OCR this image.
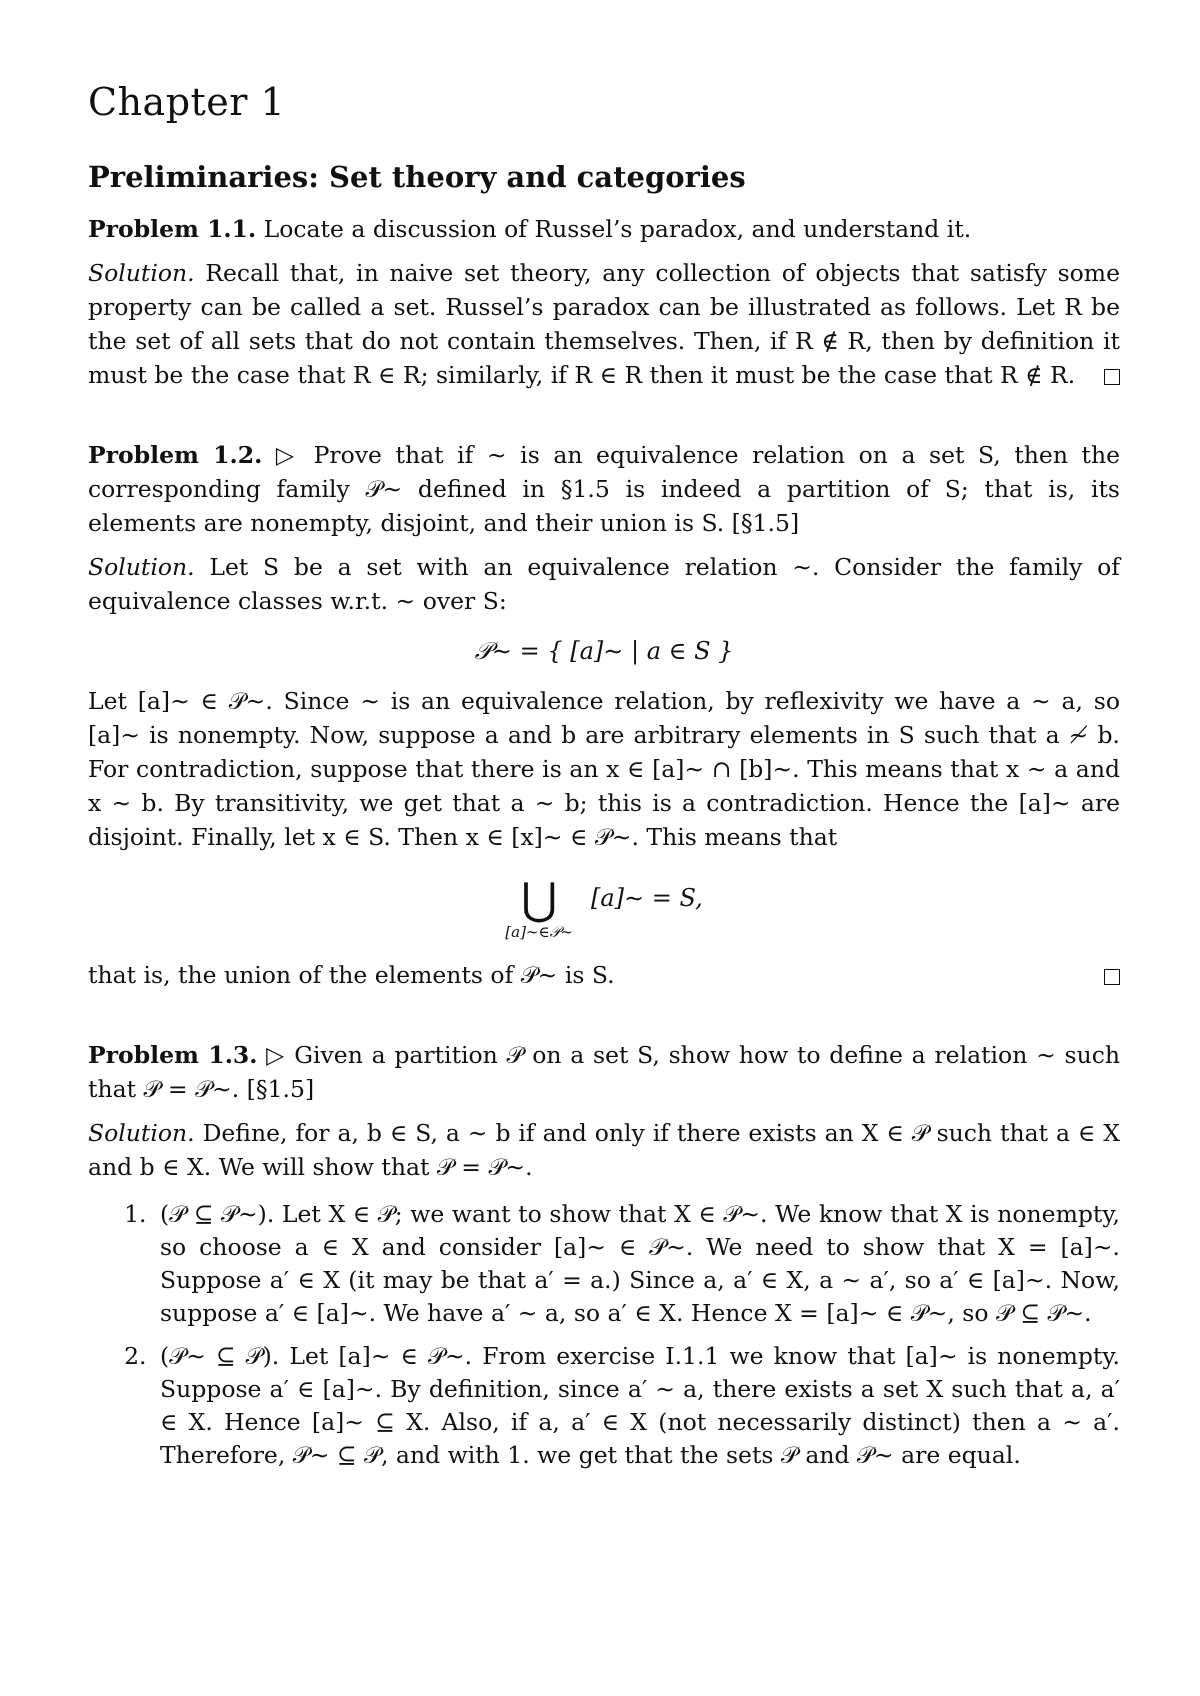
Chapter 1
Preliminaries: Set theory and categories

Problem 1.1. Locate a discussion of Russel’s paradox, and understand it.

Solution. Recall that, in naive set theory, any collection of objects that satisfy some property can be called a set. Russel’s paradox can be illustrated as follows. Let R be the set of all sets that do not contain themselves. Then, if R ∉ R, then by definition it must be the case that R ∈ R; similarly, if R ∈ R then it must be the case that R ∉ R.

Problem 1.2. ▷ Prove that if ∼ is an equivalence relation on a set S, then the corresponding family 𝒫∼ defined in §1.5 is indeed a partition of S; that is, its elements are nonempty, disjoint, and their union is S. [§1.5]

Solution. Let S be a set with an equivalence relation ∼. Consider the family of equivalence classes w.r.t. ∼ over S:

𝒫∼ = { [a]∼ | a ∈ S }

Let [a]∼ ∈ 𝒫∼. Since ∼ is an equivalence relation, by reflexivity we have a ∼ a, so [a]∼ is nonempty. Now, suppose a and b are arbitrary elements in S such that a ≁ b. For contradiction, suppose that there is an x ∈ [a]∼ ∩ [b]∼. This means that x ∼ a and x ∼ b. By transitivity, we get that a ∼ b; this is a contradiction. Hence the [a]∼ are disjoint. Finally, let x ∈ S. Then x ∈ [x]∼ ∈ 𝒫∼. This means that

⋃
[a]∼∈𝒫∼
[a]∼ = S,

that is, the union of the elements of 𝒫∼ is S.

Problem 1.3. ▷ Given a partition 𝒫 on a set S, show how to define a relation ∼ such that 𝒫 = 𝒫∼. [§1.5]

Solution. Define, for a, b ∈ S, a ∼ b if and only if there exists an X ∈ 𝒫 such that a ∈ X and b ∈ X. We will show that 𝒫 = 𝒫∼.

1. (𝒫 ⊆ 𝒫∼). Let X ∈ 𝒫; we want to show that X ∈ 𝒫∼. We know that X is nonempty, so choose a ∈ X and consider [a]∼ ∈ 𝒫∼. We need to show that X = [a]∼. Suppose a′ ∈ X (it may be that a′ = a.) Since a, a′ ∈ X, a ∼ a′, so a′ ∈ [a]∼. Now, suppose a′ ∈ [a]∼. We have a′ ∼ a, so a′ ∈ X. Hence X = [a]∼ ∈ 𝒫∼, so 𝒫 ⊆ 𝒫∼.
2. (𝒫∼ ⊆ 𝒫). Let [a]∼ ∈ 𝒫∼. From exercise I.1.1 we know that [a]∼ is nonempty. Suppose a′ ∈ [a]∼. By definition, since a′ ∼ a, there exists a set X such that a, a′ ∈ X. Hence [a]∼ ⊆ X. Also, if a, a′ ∈ X (not necessarily distinct) then a ∼ a′. Therefore, 𝒫∼ ⊆ 𝒫, and with 1. we get that the sets 𝒫 and 𝒫∼ are equal.
